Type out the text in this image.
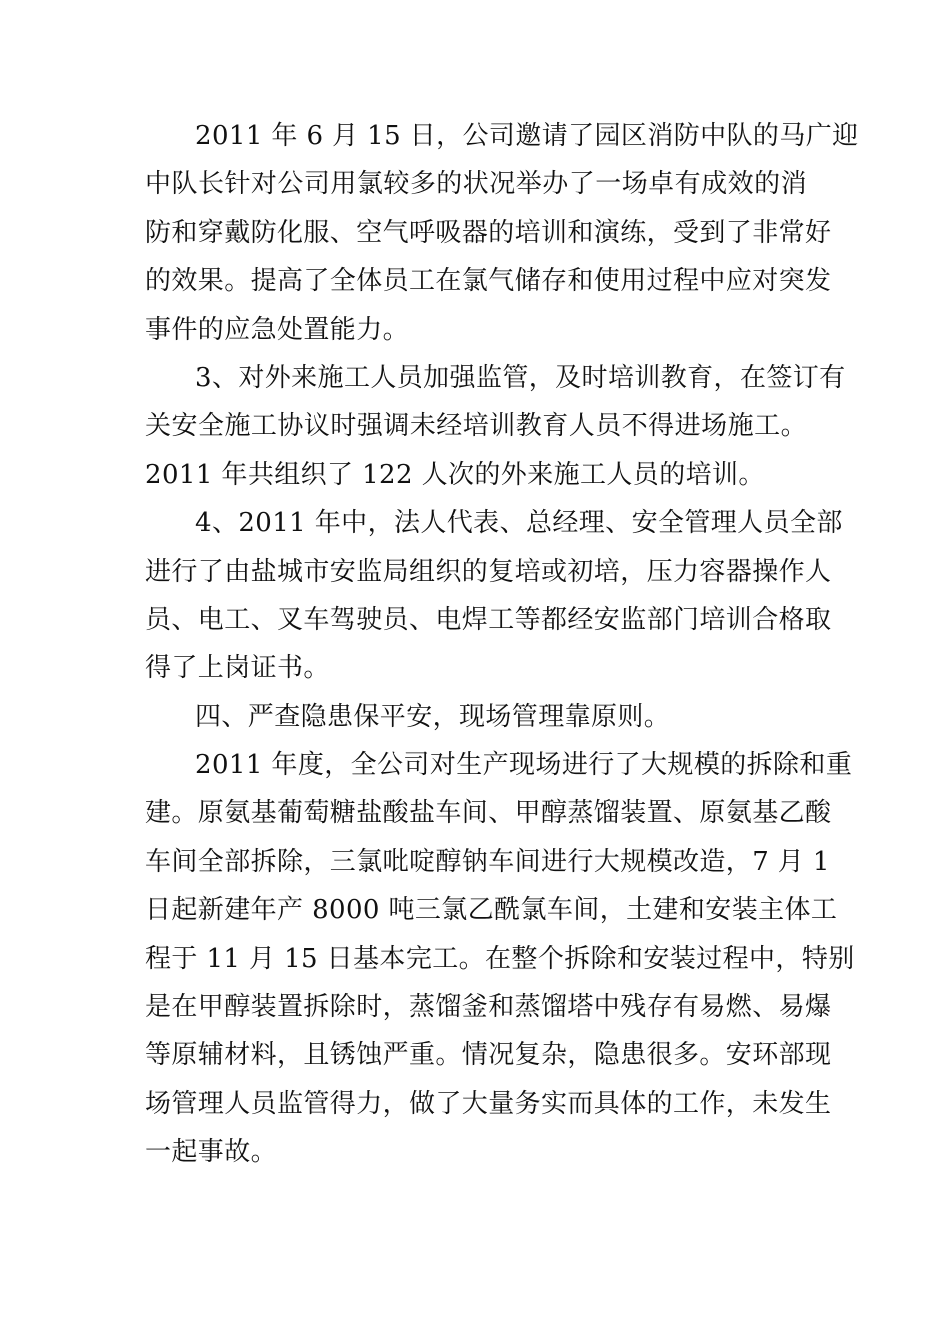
2011 年 6 月 15 日，公司邀请了园区消防中队的马广迎
中队长针对公司用氯较多的状况举办了一场卓有成效的消
防和穿戴防化服、空气呼吸器的培训和演练，受到了非常好
的效果。提高了全体员工在氯气储存和使用过程中应对突发
事件的应急处置能力。
3、对外来施工人员加强监管，及时培训教育，在签订有
关安全施工协议时强调未经培训教育人员不得进场施工。
2011 年共组织了 122 人次的外来施工人员的培训。
4、2011 年中，法人代表、总经理、安全管理人员全部
进行了由盐城市安监局组织的复培或初培，压力容器操作人
员、电工、叉车驾驶员、电焊工等都经安监部门培训合格取
得了上岗证书。
四、严查隐患保平安，现场管理靠原则。
2011 年度，全公司对生产现场进行了大规模的拆除和重
建。原氨基葡萄糖盐酸盐车间、甲醇蒸馏装置、原氨基乙酸
车间全部拆除，三氯吡啶醇钠车间进行大规模改造，7 月 1
日起新建年产 8000 吨三氯乙酰氯车间，土建和安装主体工
程于 11 月 15 日基本完工。在整个拆除和安装过程中，特别
是在甲醇装置拆除时，蒸馏釜和蒸馏塔中残存有易燃、易爆
等原辅材料，且锈蚀严重。情况复杂，隐患很多。安环部现
场管理人员监管得力，做了大量务实而具体的工作，未发生
一起事故。
